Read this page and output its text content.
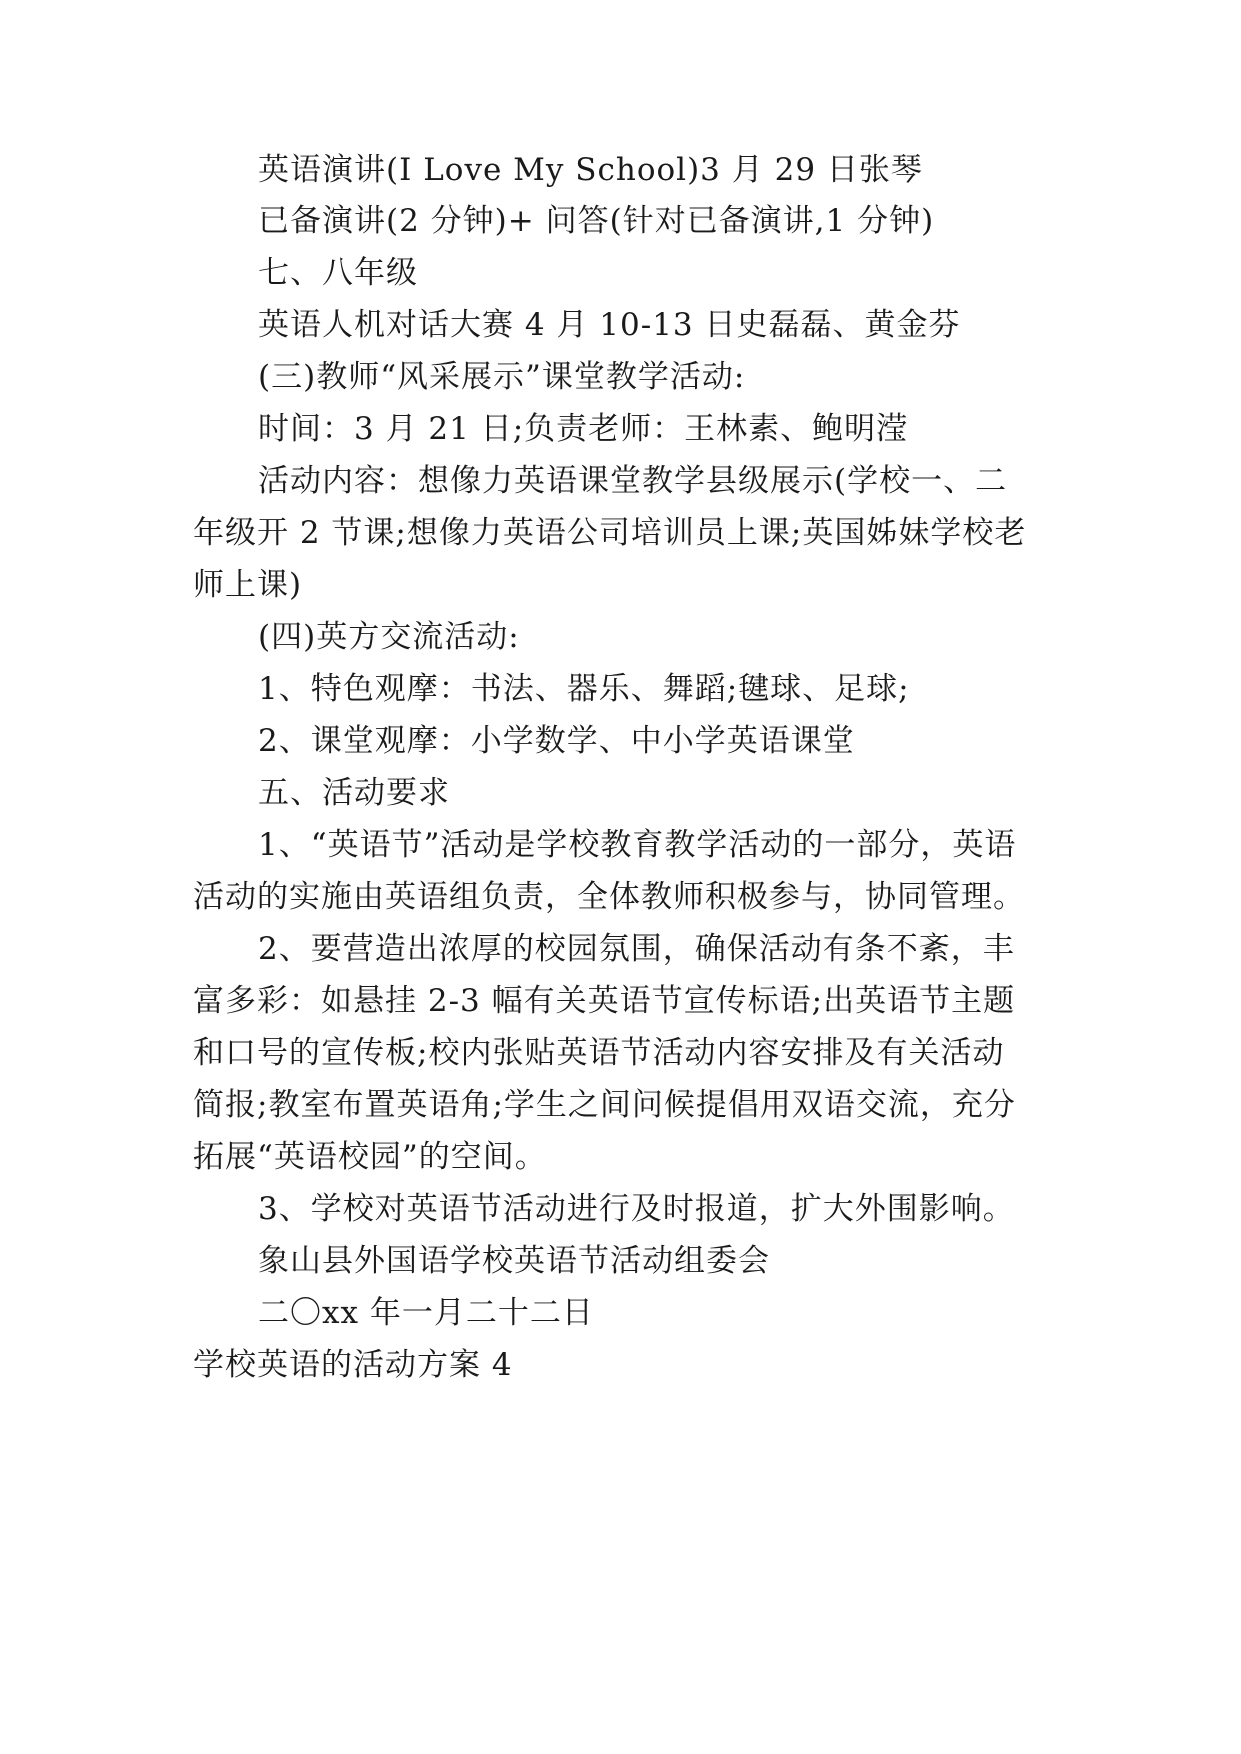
英语演讲(I Love My School)3 月 29 日张琴
已备演讲(2 分钟)+ 问答(针对已备演讲,1 分钟)
七、八年级
英语人机对话大赛 4 月 10-13 日史磊磊、黄金芬
(三)教师“风采展示”课堂教学活动:
时间：3 月 21 日;负责老师：王林素、鲍明滢
活动内容：想像力英语课堂教学县级展示(学校一、二
年级开 2 节课;想像力英语公司培训员上课;英国姊妹学校老
师上课)
(四)英方交流活动:
1、特色观摩：书法、器乐、舞蹈;毽球、足球;
2、课堂观摩：小学数学、中小学英语课堂
五、活动要求
1、“英语节”活动是学校教育教学活动的一部分，英语
活动的实施由英语组负责，全体教师积极参与，协同管理。
2、要营造出浓厚的校园氛围，确保活动有条不紊，丰
富多彩：如悬挂 2-3 幅有关英语节宣传标语;出英语节主题
和口号的宣传板;校内张贴英语节活动内容安排及有关活动
简报;教室布置英语角;学生之间问候提倡用双语交流，充分
拓展“英语校园”的空间。
3、学校对英语节活动进行及时报道，扩大外围影响。
象山县外国语学校英语节活动组委会
二〇xx 年一月二十二日
学校英语的活动方案 4
